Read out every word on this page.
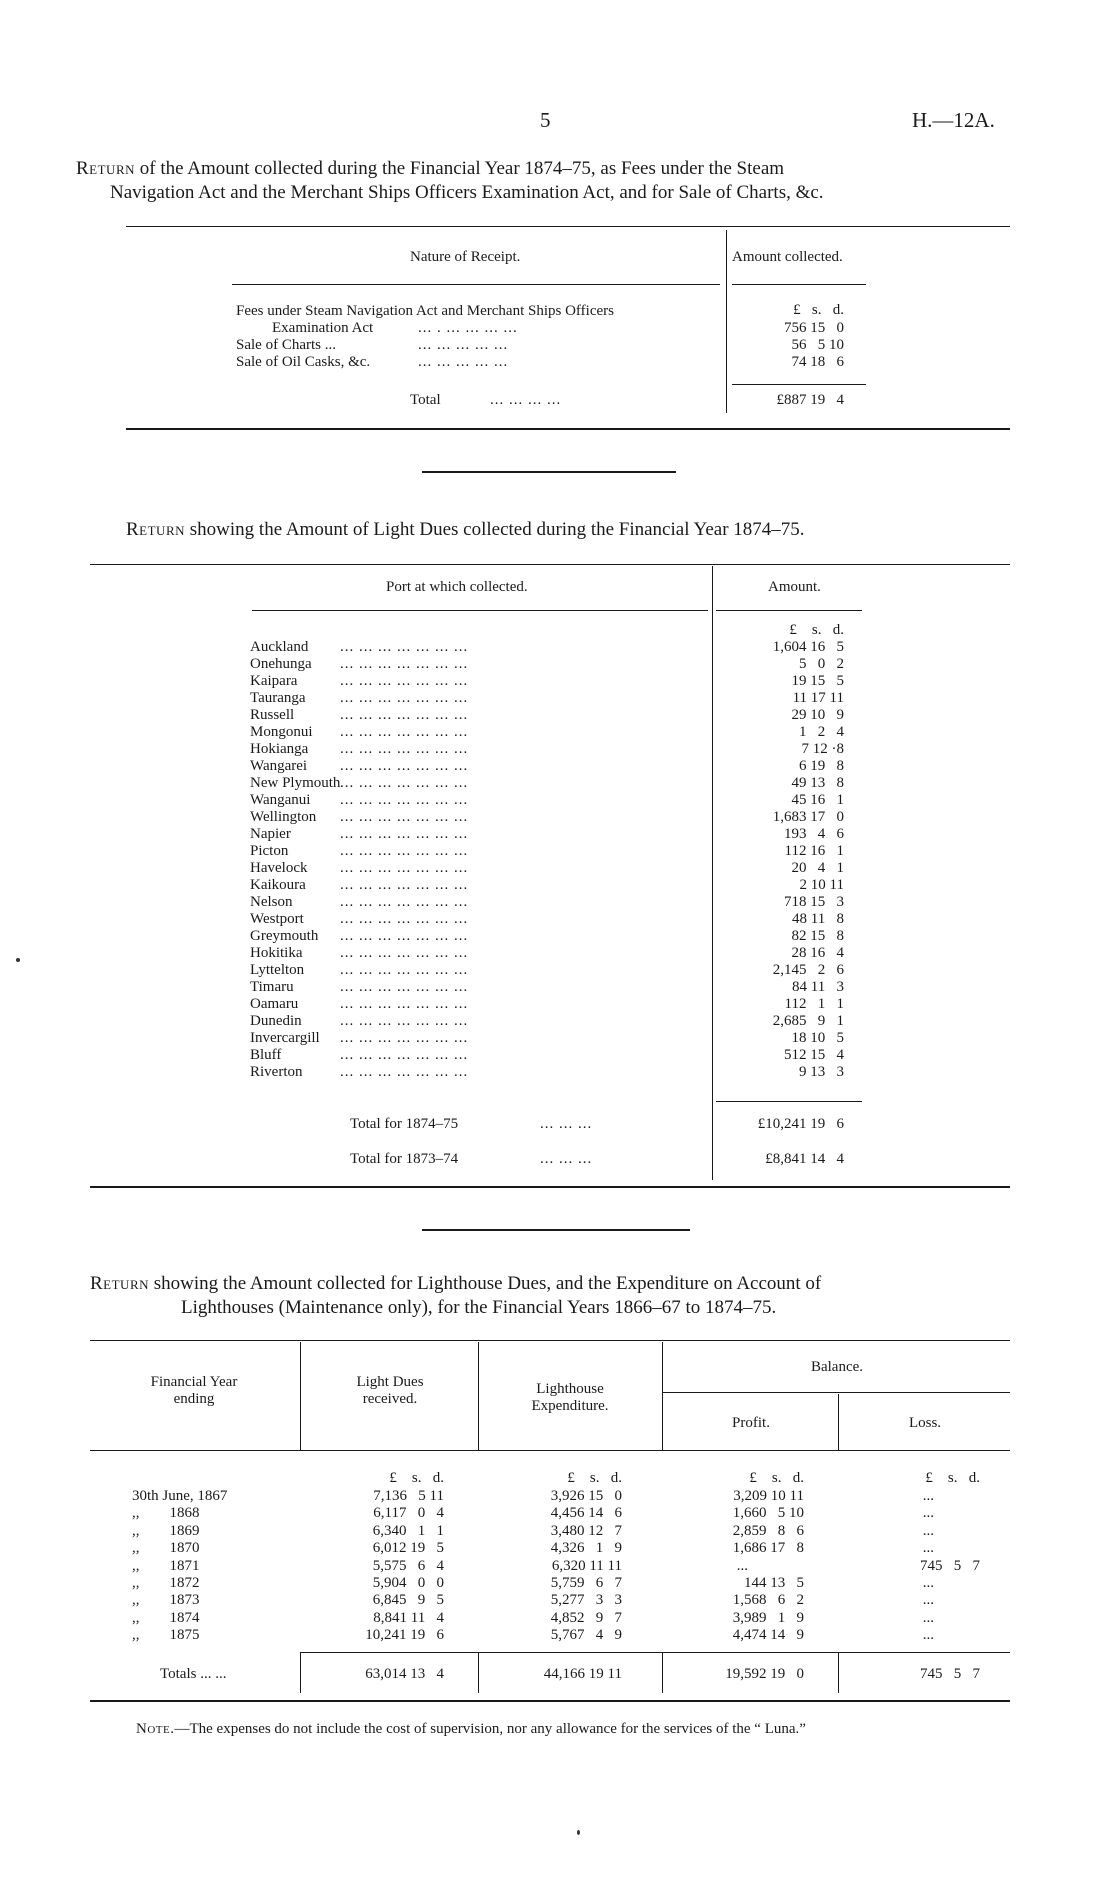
5	H.—12A.
Return of the Amount collected during the Financial Year 1874–75, as Fees under the Steam
Navigation Act and the Merchant Ships Officers Examination Act, and for Sale of Charts, &c.
Nature of Receipt.	Amount collected.
£   s.   d.
Fees under Steam Navigation Act and Merchant Ships Officers
Examination Act	... . ... ... ... ...	756 15   0
Sale of Charts ...	... ... ... ... ...	56   5 10
Sale of Oil Casks, &c.	... ... ... ... ...	74 18   6
Total	... ... ... ...	£887 19   4
Return showing the Amount of Light Dues collected during the Financial Year 1874–75.
Port at which collected.	Amount.
£    s.   d.
Auckland ... ... ... ... ... ... ...	1,604 16   5
Onehunga ... ... ... ... ... ... ...	5   0   2
Kaipara	... ... ... ... ... ... ...	19 15   5
Tauranga ... ... ... ... ... ... ...	11 17 11
Russell	... ... ... ... ... ... ...	29 10   9
Mongonui ... ... ... ... ... ... ...	1   2   4
Hokianga ... ... ... ... ... ... ...	7 12 ·8
Wangarei ... ... ... ... ... ... ...	6 19   8
New Plymouth ... ... ... ... ... ... ...	49 13   8
Wanganui ... ... ... ... ... ... ...	45 16   1
Wellington ... ... ... ... ... ... ...	1,683 17   0
Napier	... ... ... ... ... ... ...	193   4   6
Picton	... ... ... ... ... ... ...	112 16   1
Havelock ... ... ... ... ... ... ...	20   4   1
Kaikoura ... ... ... ... ... ... ...	2 10 11
Nelson	... ... ... ... ... ... ...	718 15   3
Westport ... ... ... ... ... ... ...	48 11   8
Greymouth ... ... ... ... ... ... ...	82 15   8
Hokitika	... ... ... ... ... ... ...	28 16   4
Lyttelton ... ... ... ... ... ... ...	2,145   2   6
Timaru	... ... ... ... ... ... ...	84 11   3
Oamaru	... ... ... ... ... ... ...	112   1   1
Dunedin	... ... ... ... ... ... ...	2,685   9   1
Invercargill ... ... ... ... ... ... ...	18 10   5
Bluff	... ... ... ... ... ... ...	512 15   4
Riverton	... ... ... ... ... ... ...	9 13   3
Total for 1874–75	... ... ...	£10,241 19   6
Total for 1873–74	... ... ...	£8,841 14   4
Return showing the Amount collected for Lighthouse Dues, and the Expenditure on Account of
Lighthouses (Maintenance only), for the Financial Years 1866–67 to 1874–75.
Financial Year
ending
Light Dues
received.
Lighthouse
Expenditure.
Balance.
Profit.	Loss.
£    s.   d.	£    s.   d.	£    s.   d.	£    s.   d.
30th June, 1867	7,136   5 11	3,926 15   0	3,209 10 11	...
,,        1868	6,117   0   4	4,456 14   6	1,660   5 10	...
,,        1869	6,340   1   1	3,480 12   7	2,859   8   6	...
,,        1870	6,012 19   5	4,326   1   9	1,686 17   8	...
,,        1871	5,575   6   4	6,320 11 11	...	745   5   7
,,        1872	5,904   0   0	5,759   6   7	144 13   5	...
,,        1873	6,845   9   5	5,277   3   3	1,568   6   2	...
,,        1874	8,841 11   4	4,852   9   7	3,989   1   9	...
,,        1875	10,241 19   6	5,767   4   9	4,474 14   9	...
Totals ... ...	63,014 13   4	44,166 19 11	19,592 19   0	745   5   7
Note.—The expenses do not include the cost of supervision, nor any allowance for the services of the “ Luna.”
